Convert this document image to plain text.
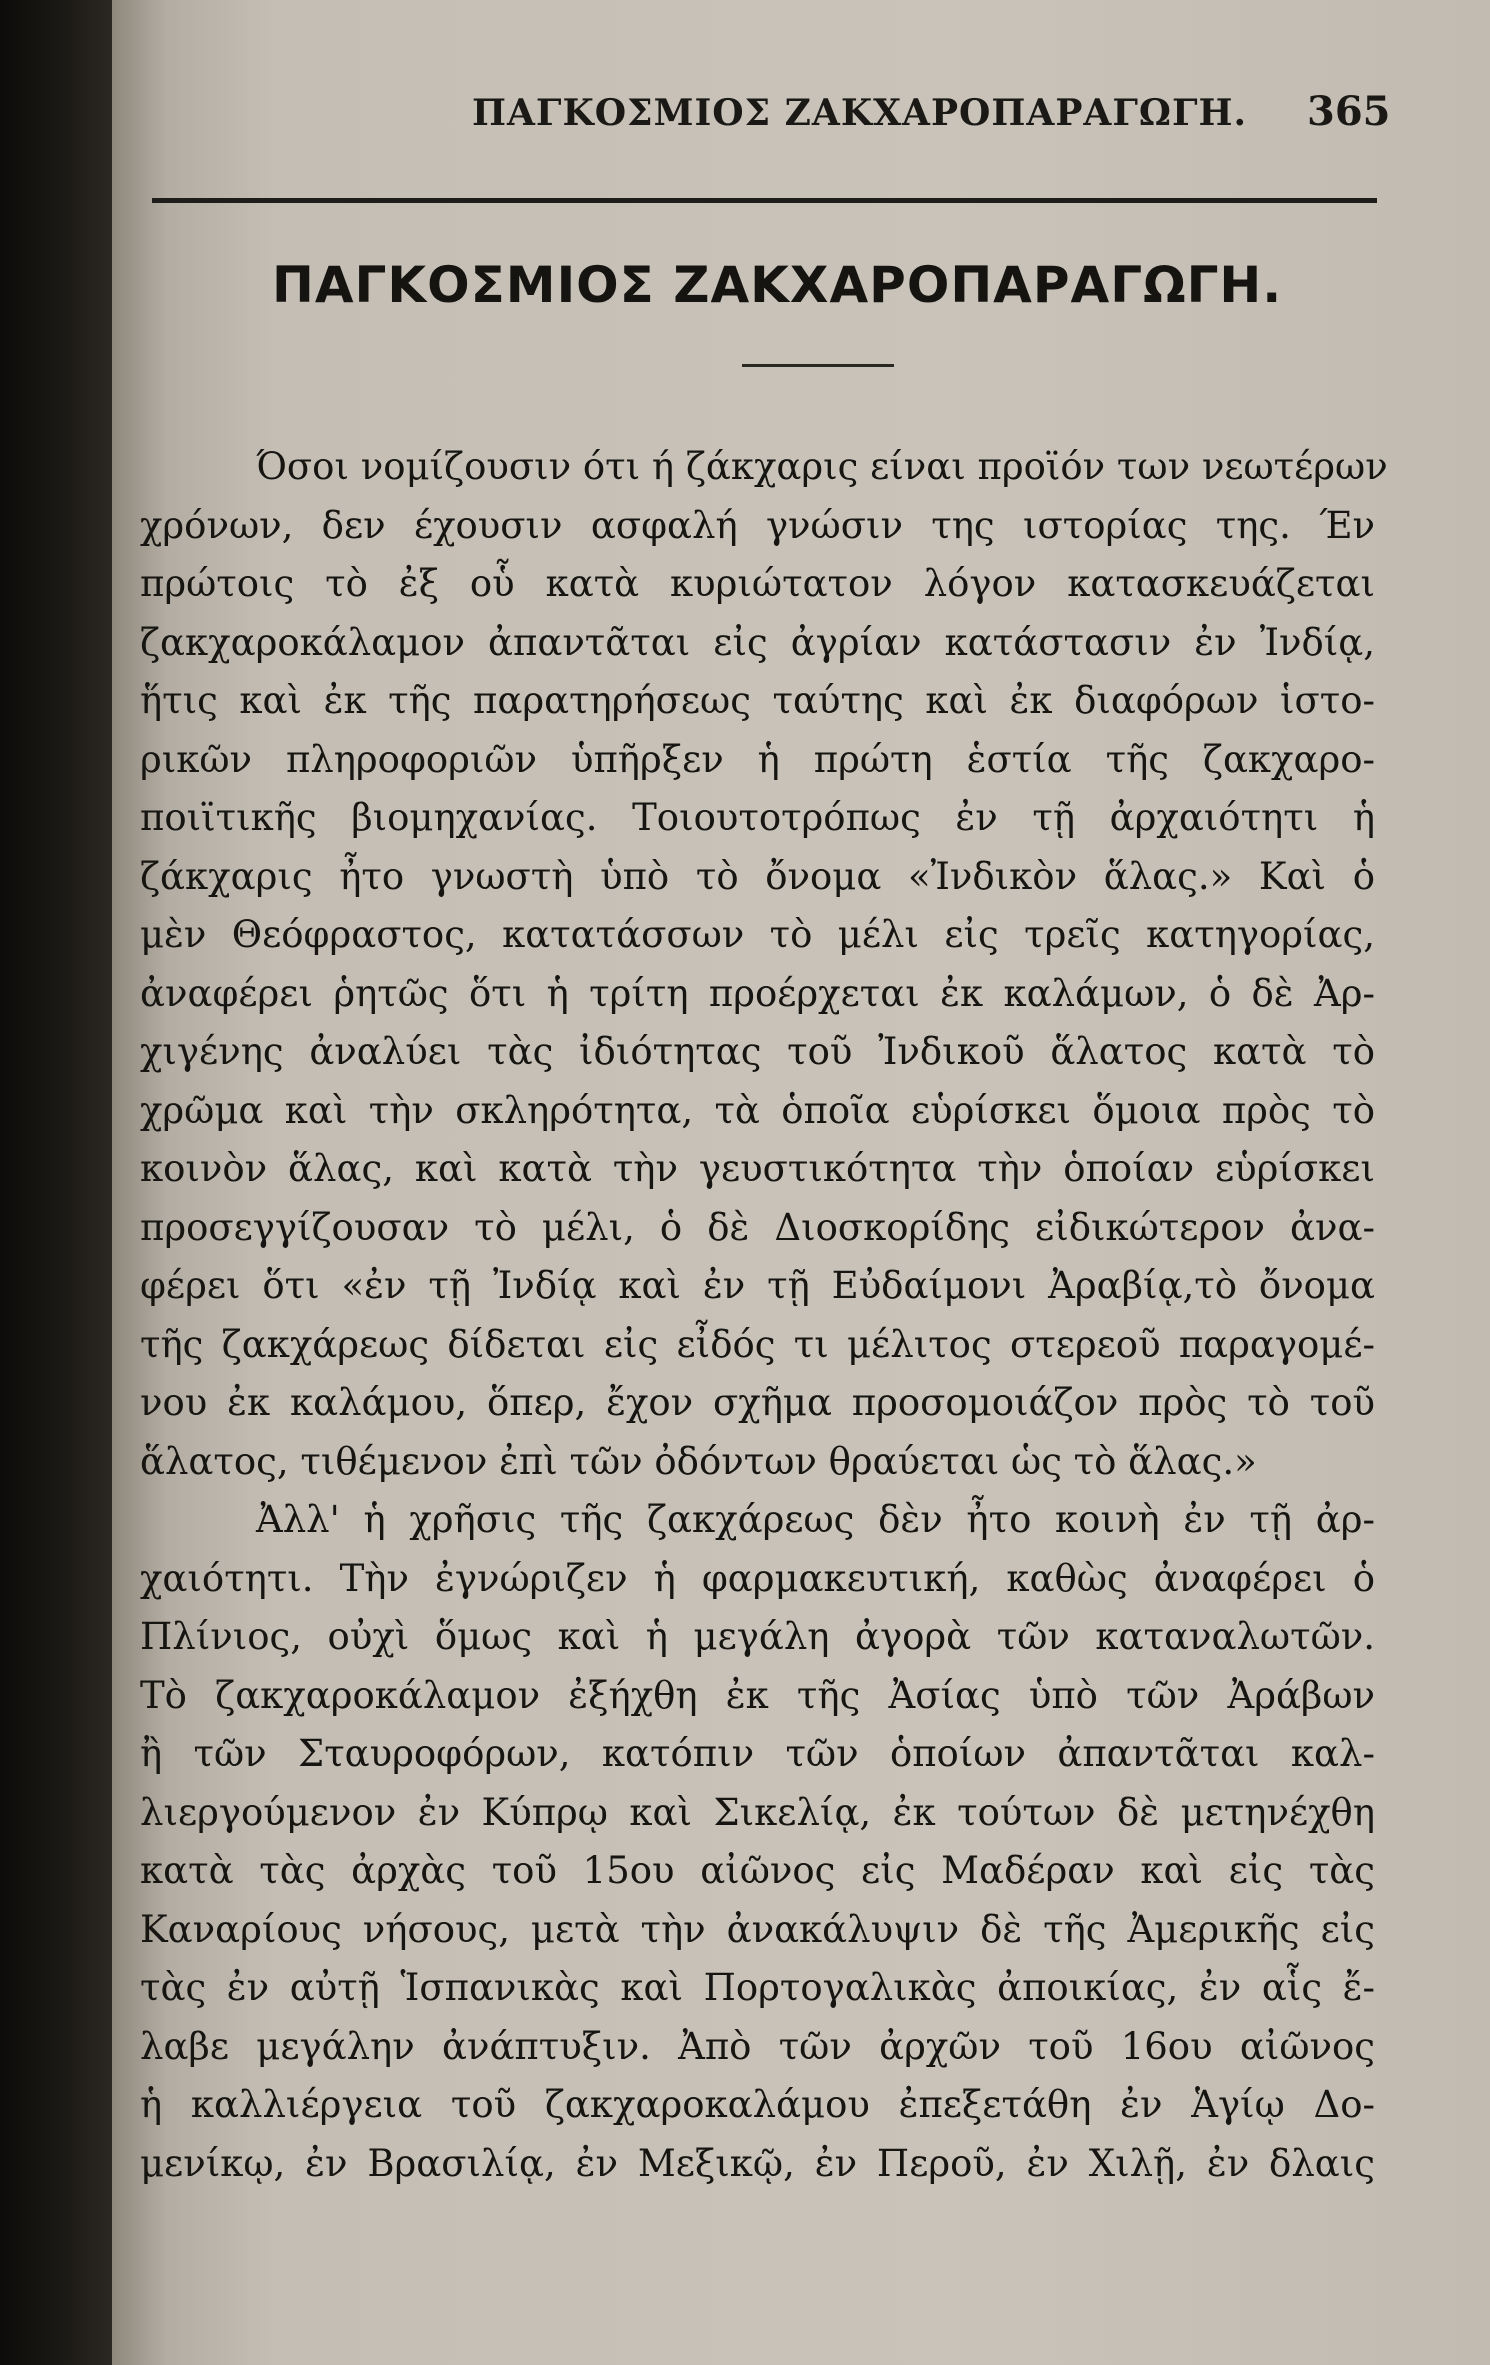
ΠΑΓΚΟΣΜΙΟΣ ΖΑΚΧΑΡΟΠΑΡΑΓΩΓΗ. 365
ΠΑΓΚΟΣΜΙΟΣ ΖΑΚΧΑΡΟΠΑΡΑΓΩΓΗ.
Όσοι νομίζουσιν ότι ή ζάκχαρις είναι προϊόν των νεωτέρων
χρόνων, δεν έχουσιν ασφαλή γνώσιν της ιστορίας της. Έν
πρώτοις τὸ ἐξ οὗ κατὰ κυριώτατον λόγον κατασκευάζεται
ζακχαροκάλαμον ἀπαντᾶται εἰς ἀγρίαν κατάστασιν ἐν Ἰνδίᾳ,
ἥτις καὶ ἐκ τῆς παρατηρήσεως ταύτης καὶ ἐκ διαφόρων ἱστο-
ρικῶν πληροφοριῶν ὑπῆρξεν ἡ πρώτη ἑστία τῆς ζακχαρο-
ποιϊτικῆς βιομηχανίας. Τοιουτοτρόπως ἐν τῇ ἀρχαιότητι ἡ
ζάκχαρις ἦτο γνωστὴ ὑπὸ τὸ ὄνομα «Ἰνδικὸν ἅλας.» Καὶ ὁ
μὲν Θεόφραστος, κατατάσσων τὸ μέλι εἰς τρεῖς κατηγορίας,
ἀναφέρει ῥητῶς ὅτι ἡ τρίτη προέρχεται ἐκ καλάμων, ὁ δὲ Ἀρ-
χιγένης ἀναλύει τὰς ἰδιότητας τοῦ Ἰνδικοῦ ἅλατος κατὰ τὸ
χρῶμα καὶ τὴν σκληρότητα, τὰ ὁποῖα εὑρίσκει ὅμοια πρὸς τὸ
κοινὸν ἅλας, καὶ κατὰ τὴν γευστικότητα τὴν ὁποίαν εὑρίσκει
προσεγγίζουσαν τὸ μέλι, ὁ δὲ Διοσκορίδης εἰδικώτερον ἀνα-
φέρει ὅτι «ἐν τῇ Ἰνδίᾳ καὶ ἐν τῇ Εὐδαίμονι Ἀραβίᾳ,τὸ ὄνομα
τῆς ζακχάρεως δίδεται εἰς εἶδός τι μέλιτος στερεοῦ παραγομέ-
νου ἐκ καλάμου, ὅπερ, ἔχον σχῆμα προσομοιάζον πρὸς τὸ τοῦ
ἅλατος, τιθέμενον ἐπὶ τῶν ὀδόντων θραύεται ὡς τὸ ἅλας.»
Ἀλλ' ἡ χρῆσις τῆς ζακχάρεως δὲν ἦτο κοινὴ ἐν τῇ ἀρ-
χαιότητι. Τὴν ἐγνώριζεν ἡ φαρμακευτική, καθὼς ἀναφέρει ὁ
Πλίνιος, οὐχὶ ὅμως καὶ ἡ μεγάλη ἀγορὰ τῶν καταναλωτῶν.
Τὸ ζακχαροκάλαμον ἐξήχθη ἐκ τῆς Ἀσίας ὑπὸ τῶν Ἀράβων
ἢ τῶν Σταυροφόρων, κατόπιν τῶν ὁποίων ἀπαντᾶται καλ-
λιεργούμενον ἐν Κύπρῳ καὶ Σικελίᾳ, ἐκ τούτων δὲ μετηνέχθη
κατὰ τὰς ἀρχὰς τοῦ 15ου αἰῶνος εἰς Μαδέραν καὶ εἰς τὰς
Καναρίους νήσους, μετὰ τὴν ἀνακάλυψιν δὲ τῆς Ἀμερικῆς εἰς
τὰς ἐν αὐτῇ Ἱσπανικὰς καὶ Πορτογαλικὰς ἀποικίας, ἐν αἷς ἔ-
λαβε μεγάλην ἀνάπτυξιν. Ἀπὸ τῶν ἀρχῶν τοῦ 16ου αἰῶνος
ἡ καλλιέργεια τοῦ ζακχαροκαλάμου ἐπεξετάθη ἐν Ἁγίῳ Δο-
μενίκῳ, ἐν Βρασιλίᾳ, ἐν Μεξικῷ, ἐν Περοῦ, ἐν Χιλῇ, ἐν δλαις
